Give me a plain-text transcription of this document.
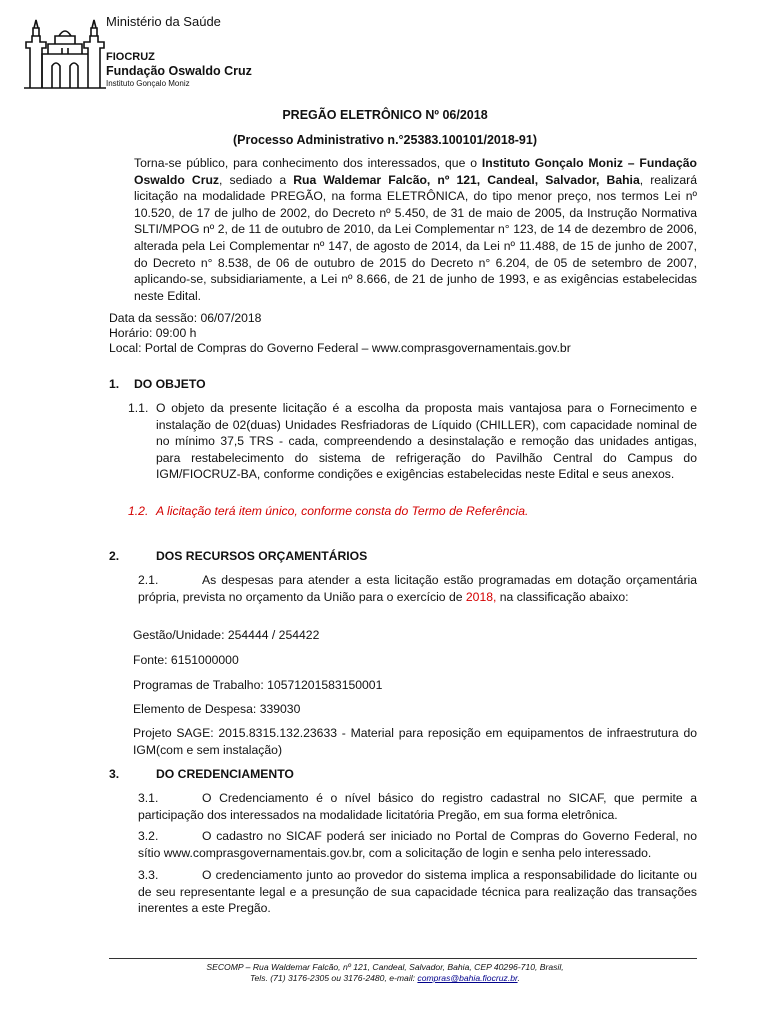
Ministério da Saúde
FIOCRUZ
Fundação Oswaldo Cruz
Instituto Gonçalo Moniz
PREGÃO ELETRÔNICO Nº 06/2018
(Processo Administrativo n.°25383.100101/2018-91)

Torna-se público, para conhecimento dos interessados, que o Instituto Gonçalo Moniz – Fundação Oswaldo Cruz, sediado a Rua Waldemar Falcão, nº 121, Candeal, Salvador, Bahia, realizará licitação na modalidade PREGÃO, na forma ELETRÔNICA, do tipo menor preço, nos termos Lei nº 10.520, de 17 de julho de 2002, do Decreto nº 5.450, de 31 de maio de 2005, da Instrução Normativa SLTI/MPOG nº 2, de 11 de outubro de 2010, da Lei Complementar n° 123, de 14 de dezembro de 2006, alterada pela Lei Complementar nº 147, de agosto de 2014, da Lei nº 11.488, de 15 de junho de 2007, do Decreto n° 8.538, de 06 de outubro de 2015 do Decreto n° 6.204, de 05 de setembro de 2007, aplicando-se, subsidiariamente, a Lei nº 8.666, de 21 de junho de 1993, e as exigências estabelecidas neste Edital.

Data da sessão: 06/07/2018
Horário: 09:00 h
Local: Portal de Compras do Governo Federal – www.comprasgovernamentais.gov.br
1. DO OBJETO
1.1. O objeto da presente licitação é a escolha da proposta mais vantajosa para o Fornecimento e instalação de 02(duas) Unidades Resfriadoras de Líquido (CHILLER), com capacidade nominal de no mínimo 37,5 TRS - cada, compreendendo a desinstalação e remoção das unidades antigas, para restabelecimento do sistema de refrigeração do Pavilhão Central do Campus do IGM/FIOCRUZ-BA, conforme condições e exigências estabelecidas neste Edital e seus anexos.

1.2. A licitação terá item único, conforme consta do Termo de Referência.
2.	DOS RECURSOS ORÇAMENTÁRIOS

2.1.	As despesas para atender a esta licitação estão programadas em dotação orçamentária própria, prevista no orçamento da União para o exercício de 2018, na classificação abaixo:

Gestão/Unidade: 254444 / 254422
Fonte: 6151000000
Programas de Trabalho: 10571201583150001
Elemento de Despesa: 339030

Projeto SAGE: 2015.8315.132.23633 - Material para reposição em equipamentos de infraestrutura do IGM(com e sem instalação)

3.	DO CREDENCIAMENTO

3.1.	O Credenciamento é o nível básico do registro cadastral no SICAF, que permite a participação dos interessados na modalidade licitatória Pregão, em sua forma eletrônica.

3.2.	O cadastro no SICAF poderá ser iniciado no Portal de Compras do Governo Federal, no sítio www.comprasgovernamentais.gov.br, com a solicitação de login e senha pelo interessado.

3.3.	O credenciamento junto ao provedor do sistema implica a responsabilidade do licitante ou de seu representante legal e a presunção de sua capacidade técnica para realização das transações inerentes a este Pregão.

SECOMP – Rua Waldemar Falcão, nº 121, Candeal, Salvador, Bahia, CEP 40296-710, Brasil,
Tels. (71) 3176-2305 ou 3176-2480, e-mail: compras@bahia.fiocruz.br.
